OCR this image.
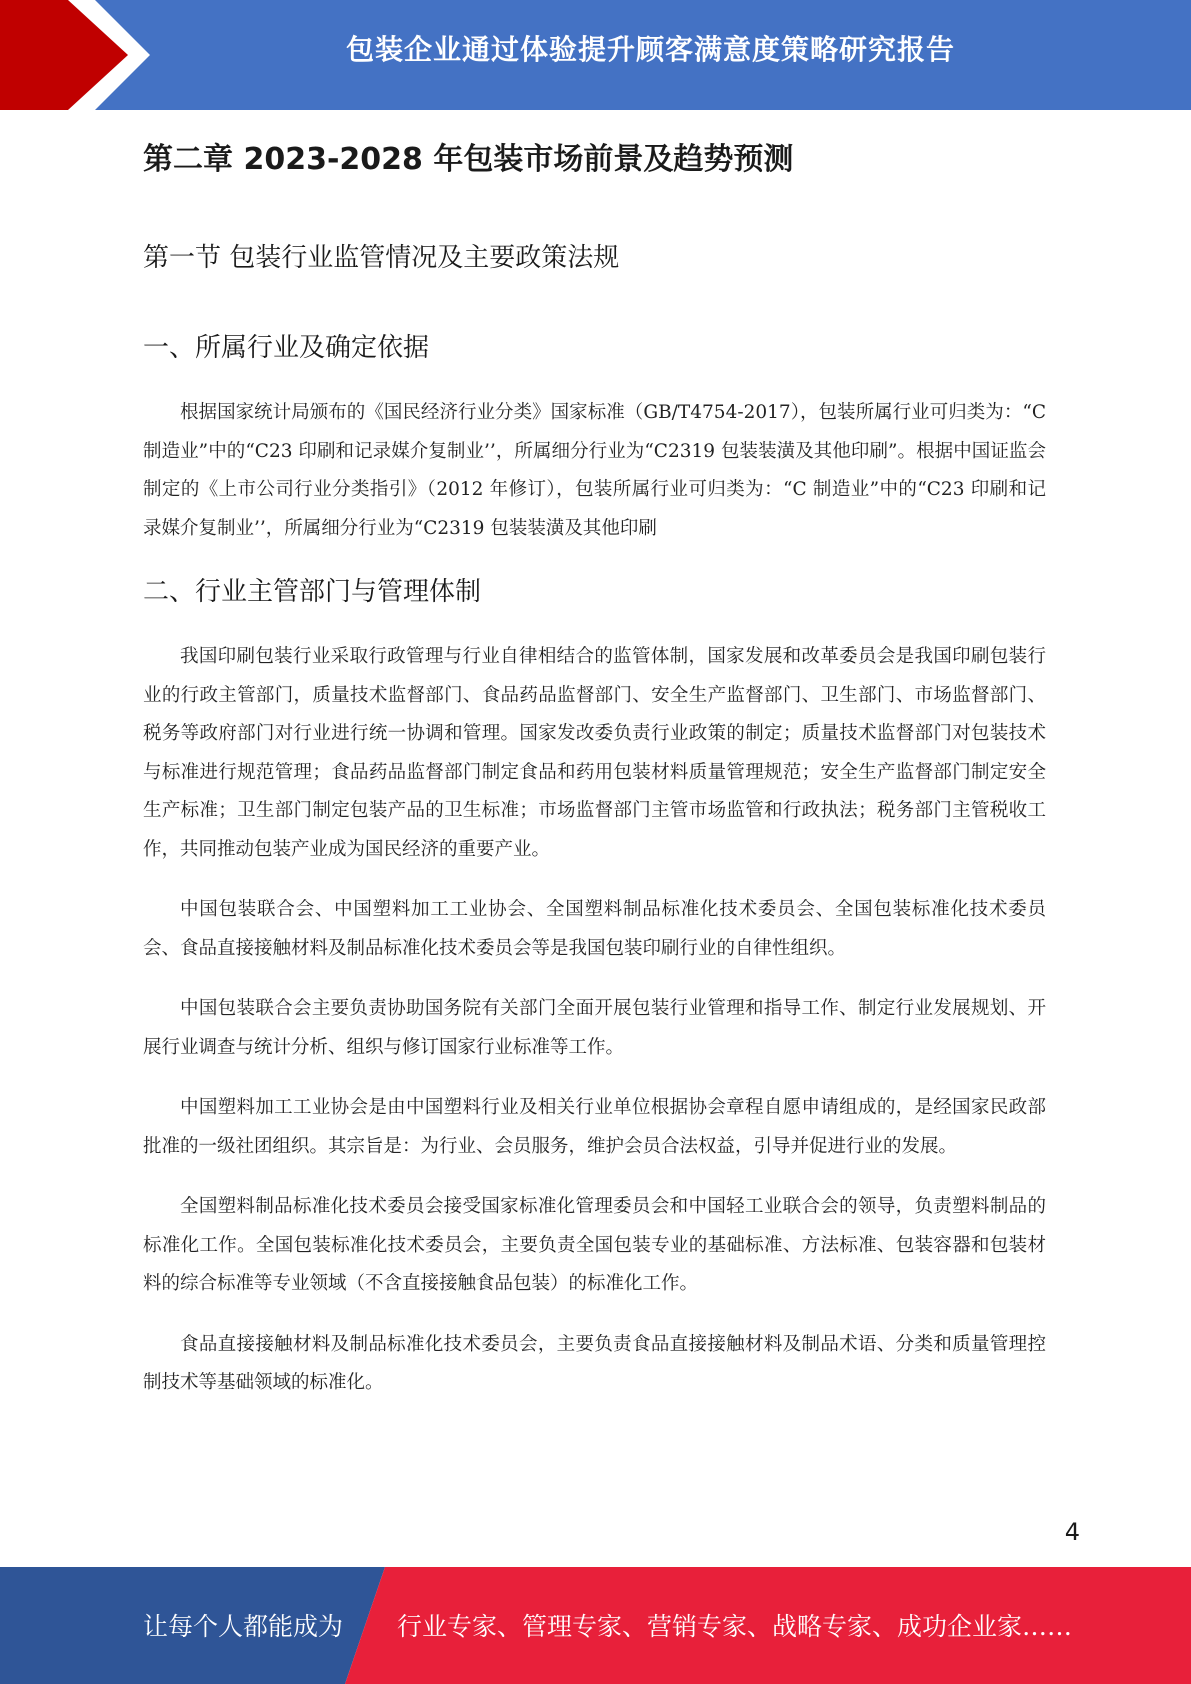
包装企业通过体验提升顾客满意度策略研究报告
第二章 2023-2028 年包装市场前景及趋势预测
第一节 包装行业监管情况及主要政策法规
一、所属行业及确定依据

根据国家统计局颁布的《国民经济行业分类》国家标准（GB/T4754-2017），包装所属行业可归类为：“C 制造业”中的“C23 印刷和记录媒介复制业’’，所属细分行业为“C2319 包装装潢及其他印刷”。根据中国证监会制定的《上市公司行业分类指引》（2012 年修订），包装所属行业可归类为：“C 制造业”中的“C23 印刷和记录媒介复制业’’，所属细分行业为“C2319 包装装潢及其他印刷

二、行业主管部门与管理体制

我国印刷包装行业采取行政管理与行业自律相结合的监管体制，国家发展和改革委员会是我国印刷包装行业的行政主管部门，质量技术监督部门、食品药品监督部门、安全生产监督部门、卫生部门、市场监督部门、税务等政府部门对行业进行统一协调和管理。国家发改委负责行业政策的制定；质量技术监督部门对包装技术与标准进行规范管理；食品药品监督部门制定食品和药用包装材料质量管理规范；安全生产监督部门制定安全生产标准；卫生部门制定包装产品的卫生标准；市场监督部门主管市场监管和行政执法；税务部门主管税收工作，共同推动包装产业成为国民经济的重要产业。

中国包装联合会、中国塑料加工工业协会、全国塑料制品标准化技术委员会、全国包装标准化技术委员会、食品直接接触材料及制品标准化技术委员会等是我国包装印刷行业的自律性组织。

中国包装联合会主要负责协助国务院有关部门全面开展包装行业管理和指导工作、制定行业发展规划、开展行业调查与统计分析、组织与修订国家行业标准等工作。

中国塑料加工工业协会是由中国塑料行业及相关行业单位根据协会章程自愿申请组成的，是经国家民政部批准的一级社团组织。其宗旨是：为行业、会员服务，维护会员合法权益，引导并促进行业的发展。

全国塑料制品标准化技术委员会接受国家标准化管理委员会和中国轻工业联合会的领导，负责塑料制品的标准化工作。全国包装标准化技术委员会，主要负责全国包装专业的基础标准、方法标准、包装容器和包装材料的综合标准等专业领域（不含直接接触食品包装）的标准化工作。

食品直接接触材料及制品标准化技术委员会，主要负责食品直接接触材料及制品术语、分类和质量管理控制技术等基础领域的标准化。

4
让每个人都能成为 行业专家、管理专家、营销专家、战略专家、成功企业家……
